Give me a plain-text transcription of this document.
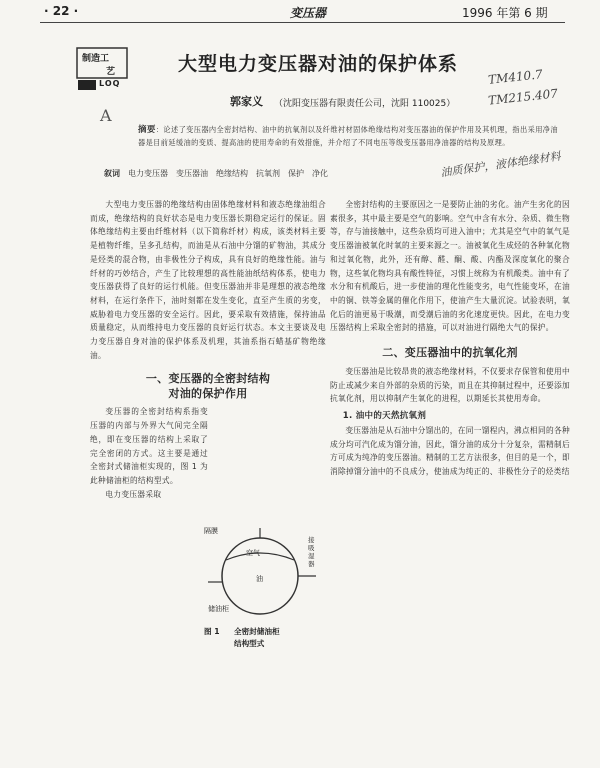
· 22 ·	变压器	1996 年第 6 期
制造工
艺
LOQ
大型电力变压器对油的保护体系
TM410.7
TM215.407
郭家义 （沈阳变压器有限责任公司，沈阳 110025）
A
摘要：论述了变压器内全密封结构、油中的抗氧剂以及纤维衬材固体绝缘结构对变压器油的保护作用及其机理，指出采用净油器是目前延缓油的变质、提高油的使用寿命的有效措施，并介绍了不同电压等级变压器用净油器的结构及原理。
叙词　 电力变压器　变压器油　绝缘结构　抗氧剂　保护　净化	油质保护，液体绝缘材料

大型电力变压器的绝缘结构由固体绝缘材料和液态绝缘油组合而成，绝缘结构的良好状态是电力变压器长期稳定运行的保证。固体绝缘结构主要由纤维材料（以下简称纤材）构成，该类材料主要是植物纤维，呈多孔结构，而油是从石油中分馏的矿物油，其成分是烃类的混合物，由非极性分子构成，具有良好的绝缘性能。油与纤材的巧妙结合，产生了比较理想的高性能油纸结构体系，使电力变压器获得了良好的运行机能。但变压器油并非是理想的液态绝缘材料，在运行条件下，油时刻都在发生变化，直至产生质的劣变，威胁着电力变压器的安全运行。因此，要采取有效措施，保持油品质量稳定，从而维持电力变压器的良好运行状态。本文主要谈及电力变压器自身对油的保护体系及机理，其油系指石蜡基矿物绝缘油。

一、变压器的全密封结构

对油的保护作用

变压器的全密封结构系指变压器的内部与外界大气间完全隔绝，即在变压器的结构上采取了完全密闭的方式。这主要是通过全密封式储油柜实现的，图 1 为此种储油柜的结构型式。

电力变压器采取

隔膜
空气
油
储油柜
接吸湿器
图 1 全密封储油柜
结构型式

全密封结构的主要原因之一是要防止油的劣化。油产生劣化的因素很多，其中最主要是空气的影响。空气中含有水分、杂质、微生物等，存与油接触中，这些杂质均可进入油中；尤其是空气中的氧气是变压器油被氧化时氧的主要来源之一。油被氧化生成烃的各种氧化物和过氧化物，此外，还有醇、醛、酮、酸、内酯及深度氧化的聚合物，这些氧化物均具有酸性特征，习惯上统称为有机酸类。油中有了水分和有机酸后，进一步使油的理化性能变劣，电气性能变坏，在油中的铜、铁等金属的催化作用下，使油产生大量沉淀。试验表明，氧化后的油更易于吸潮，而受潮后油的劣化速度更快。因此，在电力变压器结构上采取全密封的措施，可以对油进行隔绝大气的保护。

二、变压器油中的抗氧化剂

变压器油是比较昂贵的液态绝缘材料，不仅要求存保管和使用中防止或减少来自外部的杂质的污染，而且在其抑制过程中，还要添加抗氧化剂，用以抑制产生氧化的进程，以期延长其使用寿命。

1. 油中的天然抗氧剂

变压器油是从石油中分馏出的，在同一馏程内，沸点相同的各种成分均可汽化成为馏分油，因此，馏分油的成分十分复杂，需精制后方可成为纯净的变压器油。精制的工艺方法很多，但目的是一个，即消除掉馏分油中的不良成分，使油成为纯正的、非极性分子的烃类结
